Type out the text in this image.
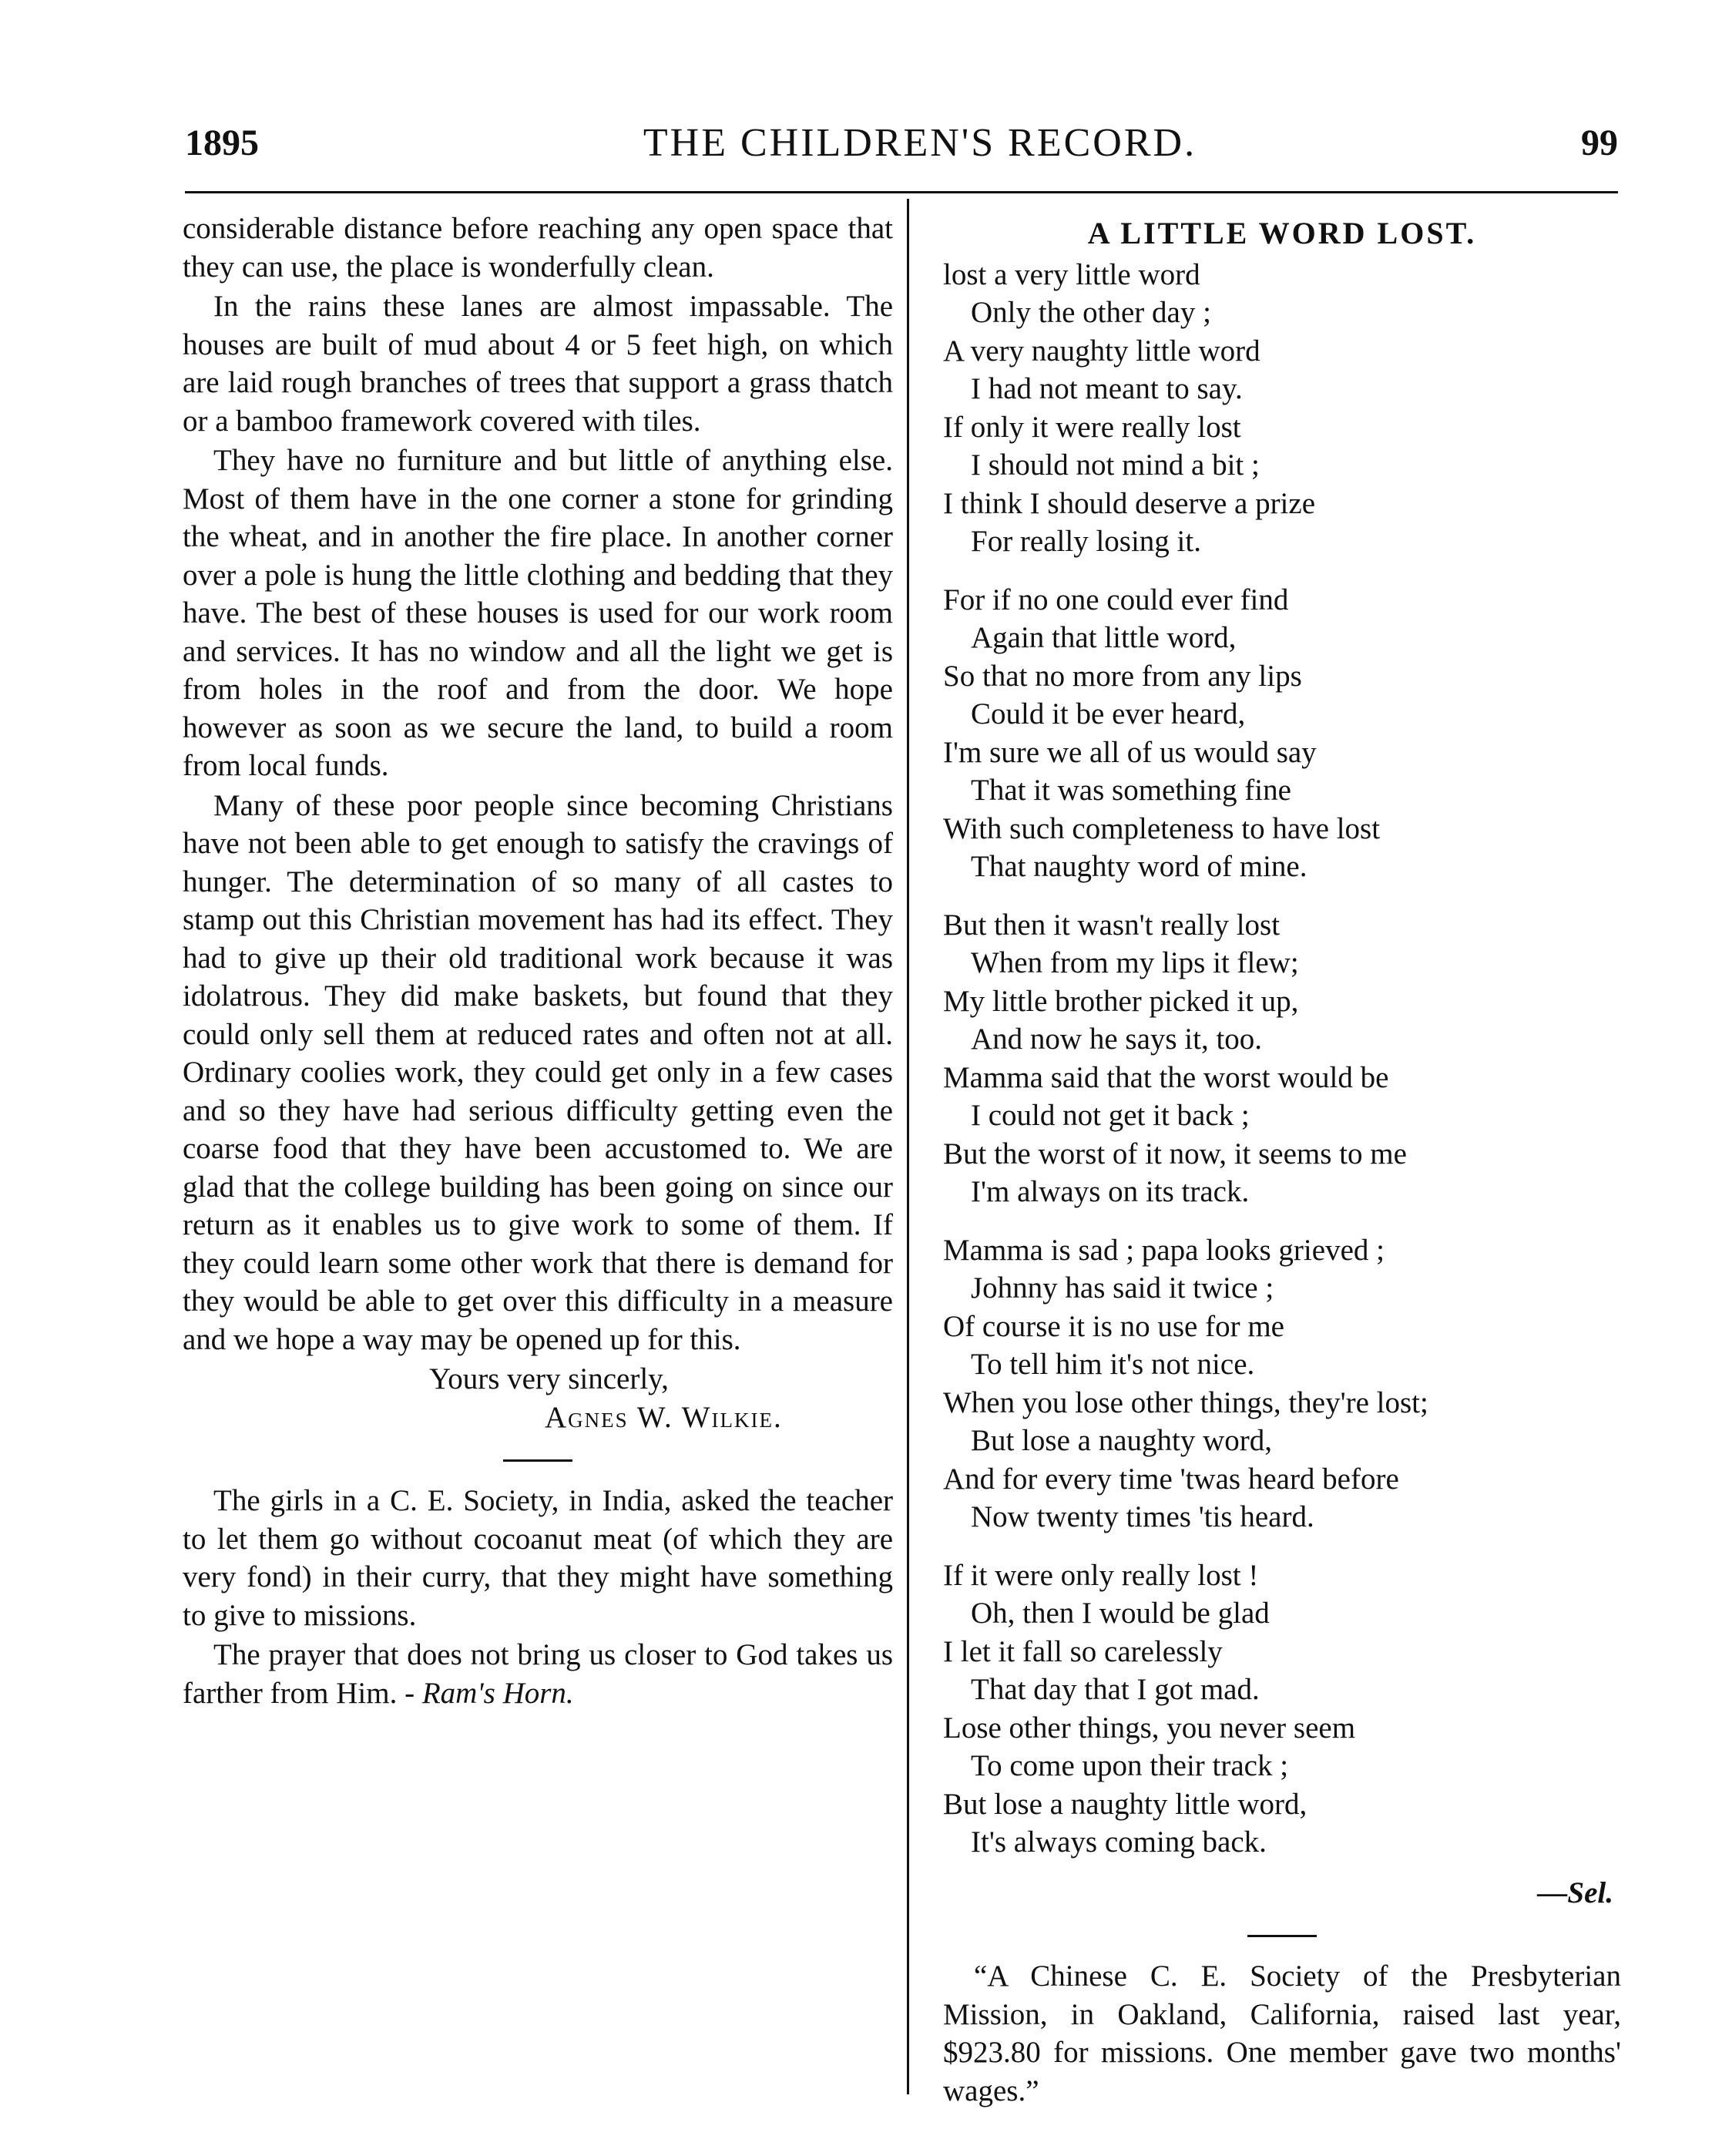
1895	THE CHILDREN'S RECORD.	99

considerable distance before reaching any open space that they can use, the place is wonderfully clean.

In the rains these lanes are almost impassable. The houses are built of mud about 4 or 5 feet high, on which are laid rough branches of trees that support a grass thatch or a bamboo framework covered with tiles.

They have no furniture and but little of anything else. Most of them have in the one corner a stone for grinding the wheat, and in another the fire place. In another corner over a pole is hung the little clothing and bedding that they have. The best of these houses is used for our work room and services. It has no window and all the light we get is from holes in the roof and from the door. We hope however as soon as we secure the land, to build a room from local funds.

Many of these poor people since becoming Christians have not been able to get enough to satisfy the cravings of hunger. The determination of so many of all castes to stamp out this Christian movement has had its effect. They had to give up their old traditional work because it was idolatrous. They did make baskets, but found that they could only sell them at reduced rates and often not at all. Ordinary coolies work, they could get only in a few cases and so they have had serious difficulty getting even the coarse food that they have been accustomed to. We are glad that the college building has been going on since our return as it enables us to give work to some of them. If they could learn some other work that there is demand for they would be able to get over this difficulty in a measure and we hope a way may be opened up for this.

Yours very sincerly,
Agnes W. Wilkie.

The girls in a C. E. Society, in India, asked the teacher to let them go without cocoanut meat (of which they are very fond) in their curry, that they might have something to give to missions.

The prayer that does not bring us closer to God takes us farther from Him. - Ram's Horn.

A LITTLE WORD LOST.
lost a very little word
Only the other day ;
A very naughty little word
I had not meant to say.
If only it were really lost
I should not mind a bit ;
I think I should deserve a prize
For really losing it.
For if no one could ever find
Again that little word,
So that no more from any lips
Could it be ever heard,
I'm sure we all of us would say
That it was something fine
With such completeness to have lost
That naughty word of mine.
But then it wasn't really lost
When from my lips it flew;
My little brother picked it up,
And now he says it, too.
Mamma said that the worst would be
I could not get it back ;
But the worst of it now, it seems to me
I'm always on its track.
Mamma is sad ; papa looks grieved ;
Johnny has said it twice ;
Of course it is no use for me
To tell him it's not nice.
When you lose other things, they're lost;
But lose a naughty word,
And for every time 'twas heard before
Now twenty times 'tis heard.
If it were only really lost !
Oh, then I would be glad
I let it fall so carelessly
That day that I got mad.
Lose other things, you never seem
To come upon their track ;
But lose a naughty little word,
It's always coming back.
—Sel.

“A Chinese C. E. Society of the Presbyterian Mission, in Oakland, California, raised last year, $923.80 for missions. One member gave two months' wages.”
